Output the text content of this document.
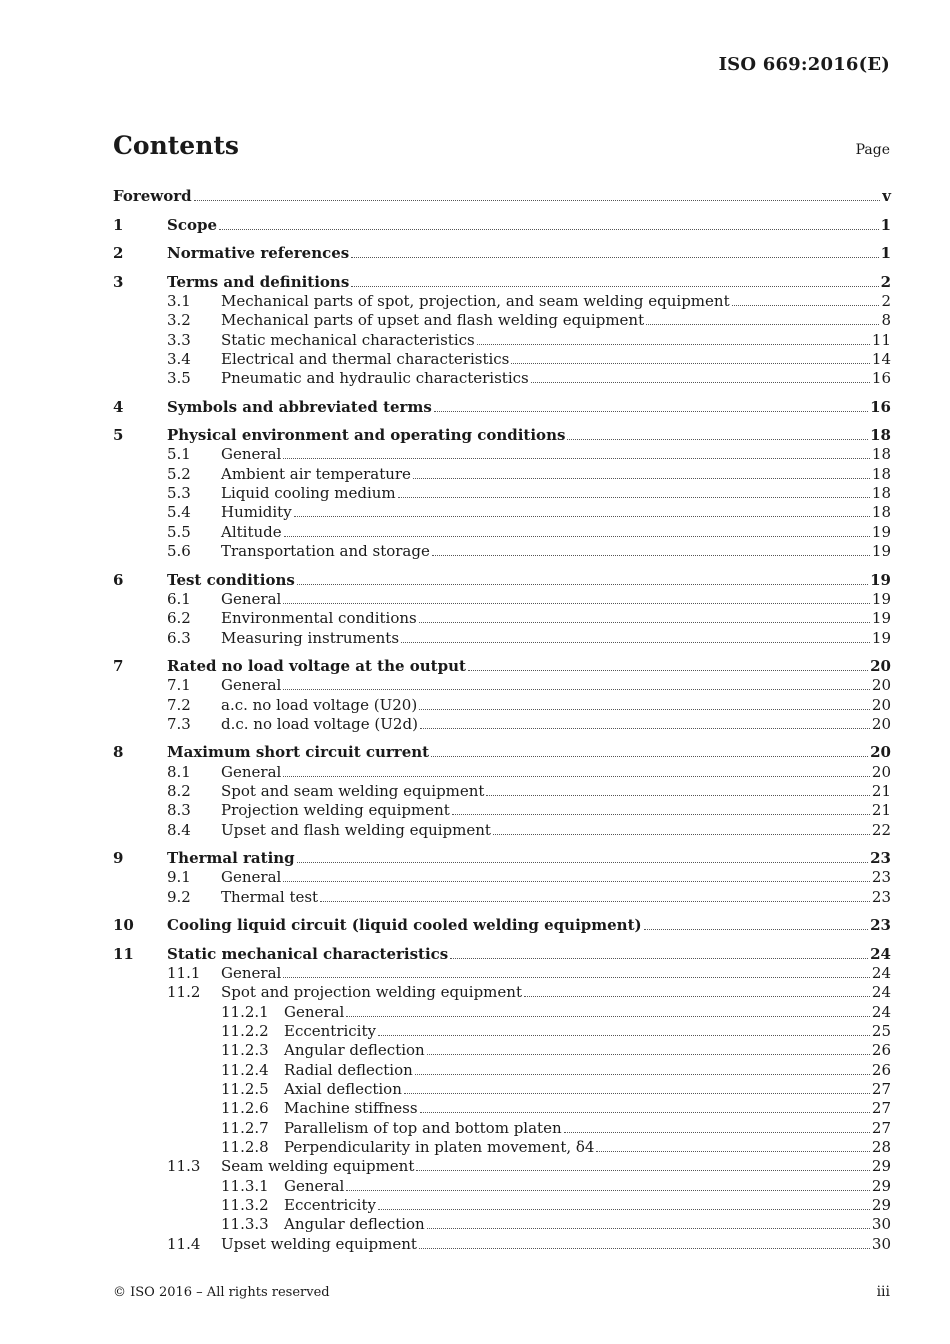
ISO 669:2016(E)
Contents	Page
Foreword	v
1	Scope	1
2	Normative references	1
3	Terms and definitions	2
3.1	Mechanical parts of spot, projection, and seam welding equipment	2
3.2	Mechanical parts of upset and flash welding equipment	8
3.3	Static mechanical characteristics	11
3.4	Electrical and thermal characteristics	14
3.5	Pneumatic and hydraulic characteristics	16
4	Symbols and abbreviated terms	16
5	Physical environment and operating conditions	18
5.1	General	18
5.2	Ambient air temperature	18
5.3	Liquid cooling medium	18
5.4	Humidity	18
5.5	Altitude	19
5.6	Transportation and storage	19
6	Test conditions	19
6.1	General	19
6.2	Environmental conditions	19
6.3	Measuring instruments	19
7	Rated no load voltage at the output	20
7.1	General	20
7.2	a.c. no load voltage (U20)	20
7.3	d.c. no load voltage (U2d)	20
8	Maximum short circuit current	20
8.1	General	20
8.2	Spot and seam welding equipment	21
8.3	Projection welding equipment	21
8.4	Upset and flash welding equipment	22
9	Thermal rating	23
9.1	General	23
9.2	Thermal test	23
10	Cooling liquid circuit (liquid cooled welding equipment)	23
11	Static mechanical characteristics	24
11.1	General	24
11.2	Spot and projection welding equipment	24
11.2.1	General	24
11.2.2	Eccentricity	25
11.2.3	Angular deflection	26
11.2.4	Radial deflection	26
11.2.5	Axial deflection	27
11.2.6	Machine stiffness	27
11.2.7	Parallelism of top and bottom platen	27
11.2.8	Perpendicularity in platen movement, δ4	28
11.3	Seam welding equipment	29
11.3.1	General	29
11.3.2	Eccentricity	29
11.3.3	Angular deflection	30
11.4	Upset welding equipment	30
© ISO 2016 – All rights reserved	iii
